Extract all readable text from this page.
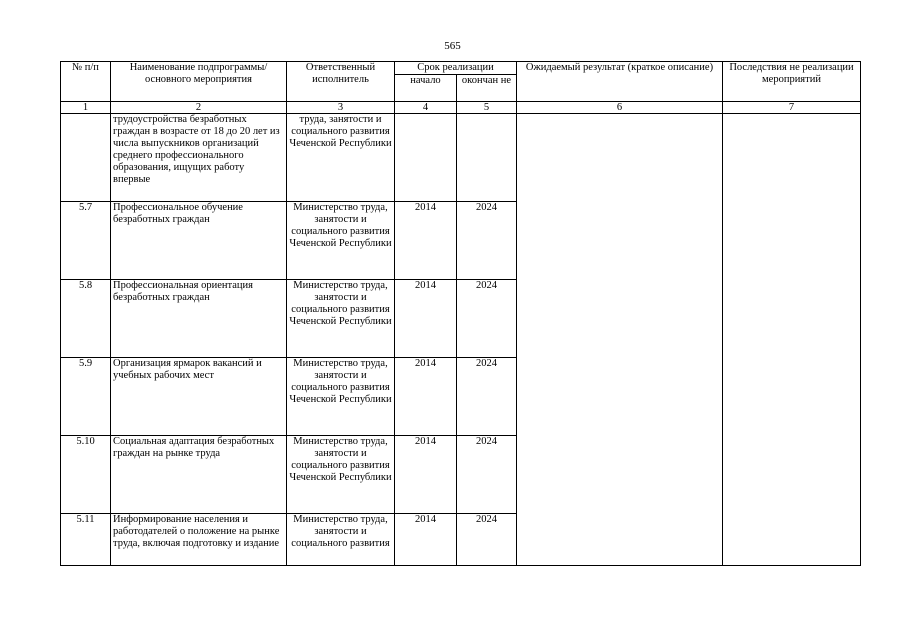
565
№ п/п	Наименование подпрограммы/ основного мероприятия	Ответственный исполнитель	Срок реализации		Ожидаемый результат (краткое описание)	Последствия не реализации мероприятий
			начало	окончан не		
1	2	3	4	5	6	7
	трудоустройства безработных граждан в возрасте от 18 до 20 лет из числа выпускников организаций среднего профессионального образования, ищущих работу впервые	труда, занятости и социального развития Чеченской Республики				
5.7	Профессиональное обучение безработных граждан	Министерство труда, занятости и социального развития Чеченской Республики	2014	2024		
5.8	Профессиональная ориентация безработных граждан	Министерство труда, занятости и социального развития Чеченской Республики	2014	2024		
5.9	Организация ярмарок вакансий и учебных рабочих мест	Министерство труда, занятости и социального развития Чеченской Республики	2014	2024		
5.10	Социальная адаптация безработных граждан на рынке труда	Министерство труда, занятости и социального развития Чеченской Республики	2014	2024		
5.11	Информирование населения и работодателей о положение на рынке труда, включая подготовку и издание	Министерство труда, занятости и социального развития	2014	2024		
